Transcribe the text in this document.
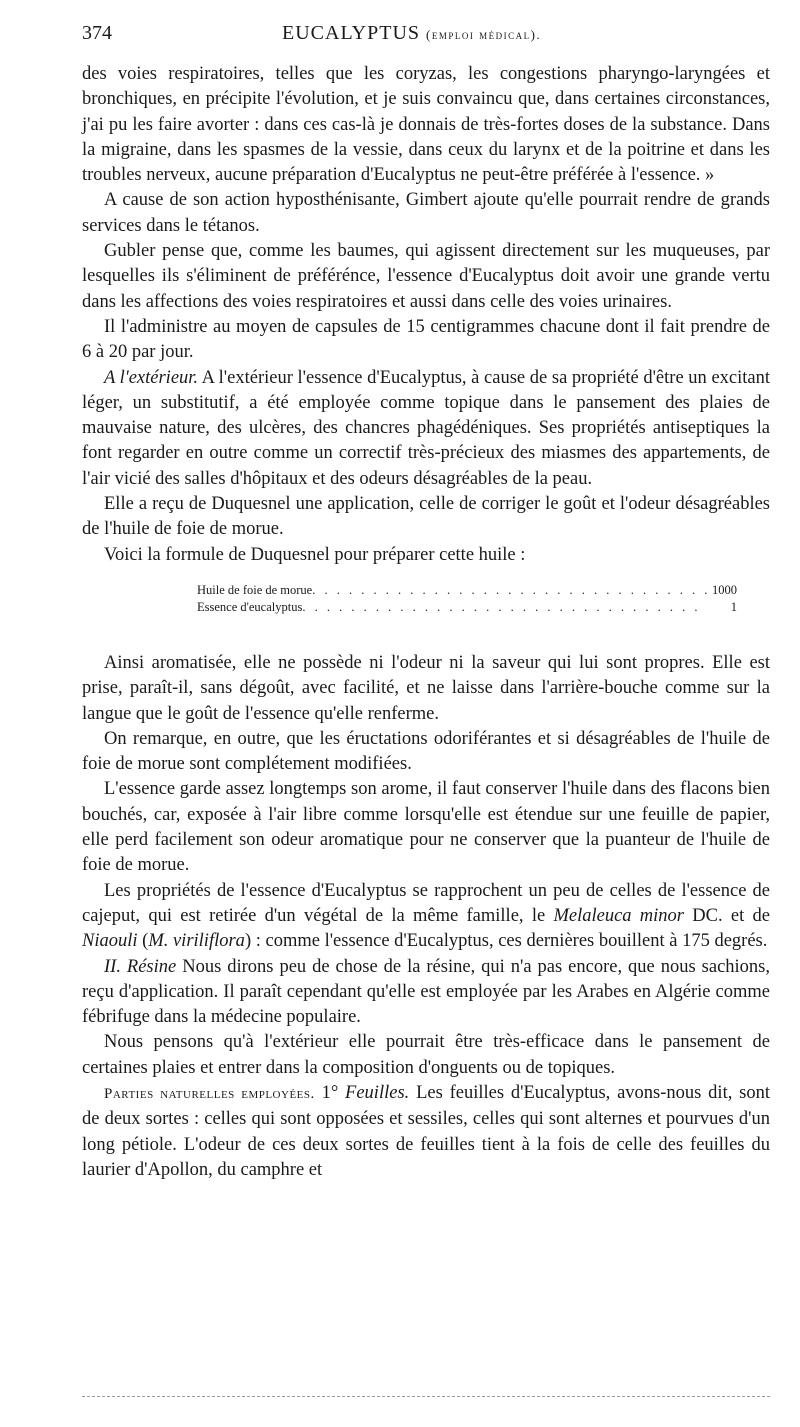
374	EUCALYPTUS (emploi médical).

des voies respiratoires, telles que les coryzas, les congestions pharyngo-laryngées et bronchiques, en précipite l'évolution, et je suis convaincu que, dans certaines circonstances, j'ai pu les faire avorter : dans ces cas-là je donnais de très-fortes doses de la substance. Dans la migraine, dans les spasmes de la vessie, dans ceux du larynx et de la poitrine et dans les troubles nerveux, aucune préparation d'Eucalyptus ne peut-être préférée à l'essence. »

A cause de son action hyposthénisante, Gimbert ajoute qu'elle pourrait rendre de grands services dans le tétanos.

Gubler pense que, comme les baumes, qui agissent directement sur les muqueuses, par lesquelles ils s'éliminent de préférénce, l'essence d'Eucalyptus doit avoir une grande vertu dans les affections des voies respiratoires et aussi dans celle des voies urinaires.

Il l'administre au moyen de capsules de 15 centigrammes chacune dont il fait prendre de 6 à 20 par jour.

A l'extérieur. A l'extérieur l'essence d'Eucalyptus, à cause de sa propriété d'être un excitant léger, un substitutif, a été employée comme topique dans le pansement des plaies de mauvaise nature, des ulcères, des chancres phagédéniques. Ses propriétés antiseptiques la font regarder en outre comme un correctif très-précieux des miasmes des appartements, de l'air vicié des salles d'hôpitaux et des odeurs désagréables de la peau.

Elle a reçu de Duquesnel une application, celle de corriger le goût et l'odeur désagréables de l'huile de foie de morue.

Voici la formule de Duquesnel pour préparer cette huile :

Huile de foie de morue . . .	1000
Essence d'eucalyptus . . .	1

Ainsi aromatisée, elle ne possède ni l'odeur ni la saveur qui lui sont propres. Elle est prise, paraît-il, sans dégoût, avec facilité, et ne laisse dans l'arrière-bouche comme sur la langue que le goût de l'essence qu'elle renferme.

On remarque, en outre, que les éructations odoriférantes et si désagréables de l'huile de foie de morue sont complétement modifiées.

L'essence garde assez longtemps son arome, il faut conserver l'huile dans des flacons bien bouchés, car, exposée à l'air libre comme lorsqu'elle est étendue sur une feuille de papier, elle perd facilement son odeur aromatique pour ne conserver que la puanteur de l'huile de foie de morue.

Les propriétés de l'essence d'Eucalyptus se rapprochent un peu de celles de l'essence de cajeput, qui est retirée d'un végétal de la même famille, le Melaleuca minor DC. et de Niaouli (M. viriliflora) : comme l'essence d'Eucalyptus, ces dernières bouillent à 175 degrés.

II. Résine Nous dirons peu de chose de la résine, qui n'a pas encore, que nous sachions, reçu d'application. Il paraît cependant qu'elle est employée par les Arabes en Algérie comme fébrifuge dans la médecine populaire.

Nous pensons qu'à l'extérieur elle pourrait être très-efficace dans le pansement de certaines plaies et entrer dans la composition d'onguents ou de topiques.

Parties naturelles employées. 1° Feuilles. Les feuilles d'Eucalyptus, avons-nous dit, sont de deux sortes : celles qui sont opposées et sessiles, celles qui sont alternes et pourvues d'un long pétiole. L'odeur de ces deux sortes de feuilles tient à la fois de celle des feuilles du laurier d'Apollon, du camphre et
